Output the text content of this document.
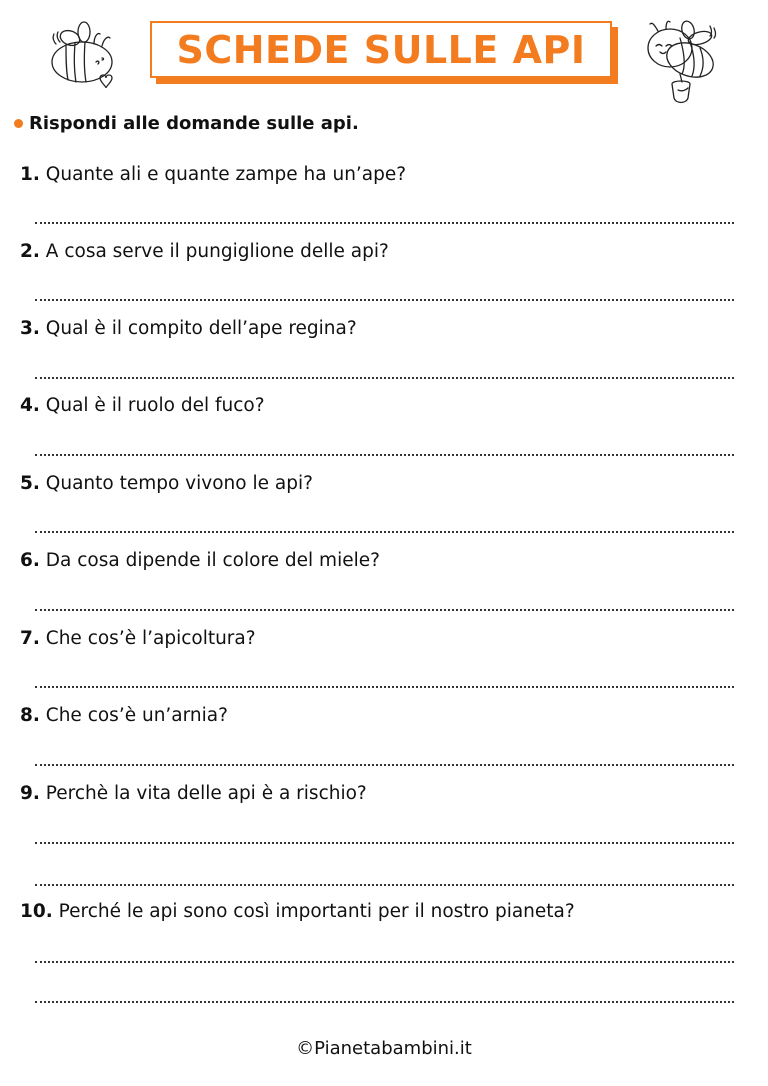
SCHEDE SULLE API
Rispondi alle domande sulle api.
1. Quante ali e quante zampe ha un’ape?
2. A cosa serve il pungiglione delle api?
3. Qual è il compito dell’ape regina?
4. Qual è il ruolo del fuco?
5. Quanto tempo vivono le api?
6. Da cosa dipende il colore del miele?
7. Che cos’è l’apicoltura?
8. Che cos’è un’arnia?
9. Perchè la vita delle api è a rischio?
10. Perché le api sono così importanti per il nostro pianeta?
©Pianetabambini.it
